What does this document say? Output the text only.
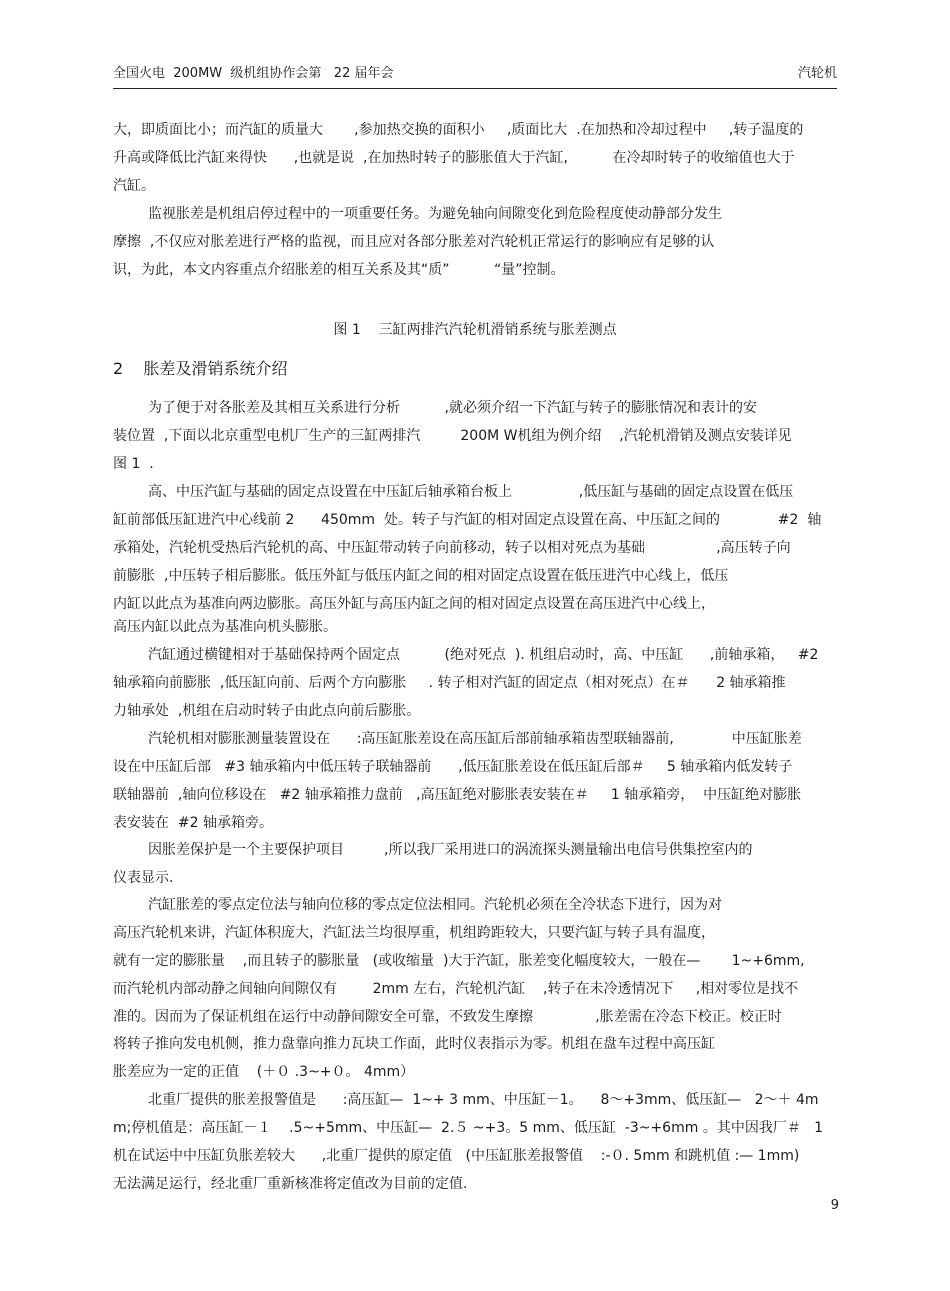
全国火电  200MW  级机组协作会第   22 届年会	汽轮机
大，即质面比小；而汽缸的质量大       ,参加热交换的面积小     ,质面比大  .在加热和冷却过程中     ,转子温度的
升高或降低比汽缸来得快      ,也就是说  ,在加热时转子的膨胀值大于汽缸,          在冷却时转子的收缩值也大于
汽缸。
监视胀差是机组启停过程中的一项重要任务。为避免轴向间隙变化到危险程度使动静部分发生
摩擦  ,不仅应对胀差进行严格的监视，而且应对各部分胀差对汽轮机正常运行的影响应有足够的认
识，为此，本文内容重点介绍胀差的相互关系及其“质”          “量”控制。
图 1    三缸两排汽汽轮机滑销系统与胀差测点
2    胀差及滑销系统介绍
为了便于对各胀差及其相互关系进行分析          ,就必须介绍一下汽缸与转子的膨胀情况和表计的安
装位置  ,下面以北京重型电机厂生产的三缸两排汽         200M W机组为例介绍    ,汽轮机滑销及测点安装详见
图 1  .
高、中压汽缸与基础的固定点设置在中压缸后轴承箱台板上               ,低压缸与基础的固定点设置在低压
缸前部低压缸进汽中心线前 2      450mm  处。转子与汽缸的相对固定点设置在高、中压缸之间的             #2  轴
承箱处，汽轮机受热后汽轮机的高、中压缸带动转子向前移动，转子以相对死点为基础                ,高压转子向
前膨胀  ,中压转子相后膨胀。低压外缸与低压内缸之间的相对固定点设置在低压进汽中心线上，低压
内缸以此点为基准向两边膨胀。高压外缸与高压内缸之间的相对固定点设置在高压进汽中心线上，
高压内缸以此点为基准向机头膨胀。
汽缸通过横键相对于基础保持两个固定点          (绝对死点  ). 机组启动时，高、中压缸      ,前轴承箱，   #2
轴承箱向前膨胀  ,低压缸向前、后两个方向膨胀     . 转子相对汽缸的固定点（相对死点）在＃      2 轴承箱推
力轴承处  ,机组在启动时转子由此点向前后膨胀。
汽轮机相对膨胀测量装置设在      :高压缸胀差设在高压缸后部前轴承箱齿型联轴器前,             中压缸胀差
设在中压缸后部   #3 轴承箱内中低压转子联轴器前      ,低压缸胀差设在低压缸后部＃     5 轴承箱内低发转子
联轴器前  ,轴向位移设在   #2 轴承箱推力盘前   ,高压缸绝对膨胀表安装在＃     1 轴承箱旁，  中压缸绝对膨胀
表安装在  #2 轴承箱旁。
因胀差保护是一个主要保护项目         ,所以我厂采用进口的涡流探头测量输出电信号供集控室内的
仪表显示.
汽缸胀差的零点定位法与轴向位移的零点定位法相同。汽轮机必须在全冷状态下进行，因为对
高压汽轮机来讲，汽缸体积庞大，汽缸法兰均很厚重，机组跨距较大，只要汽缸与转子具有温度，
就有一定的膨胀量    ,而且转子的膨胀量   (或收缩量  )大于汽缸，胀差变化幅度较大，一般在—       1~+6mm,
而汽轮机内部动静之间轴向间隙仅有        2mm 左右，汽轮机汽缸    ,转子在未冷透情况下     ,相对零位是找不
准的。因而为了保证机组在运行中动静间隙安全可靠，不致发生摩擦              ,胀差需在冷态下校正。校正时
将转子推向发电机侧，推力盘靠向推力瓦块工作面，此时仪表指示为零。机组在盘车过程中高压缸
胀差应为一定的正值    (＋０ .3~+０。 4mm）
北重厂提供的胀差报警值是      :高压缸—  1~+ 3 mm、中压缸－1。    8～+3mm、低压缸—   2～＋ 4m
m;停机值是：高压缸－１    .5~+5mm、中压缸—  2.５ ~+3。5 mm、低压缸  -3~+6mm 。其中因我厂＃   1
机在试运中中压缸负胀差较大      ,北重厂提供的原定值   (中压缸胀差报警值    :-０. 5mm 和跳机值 :— 1mm)
无法满足运行，经北重厂重新核准将定值改为目前的定值.
9
